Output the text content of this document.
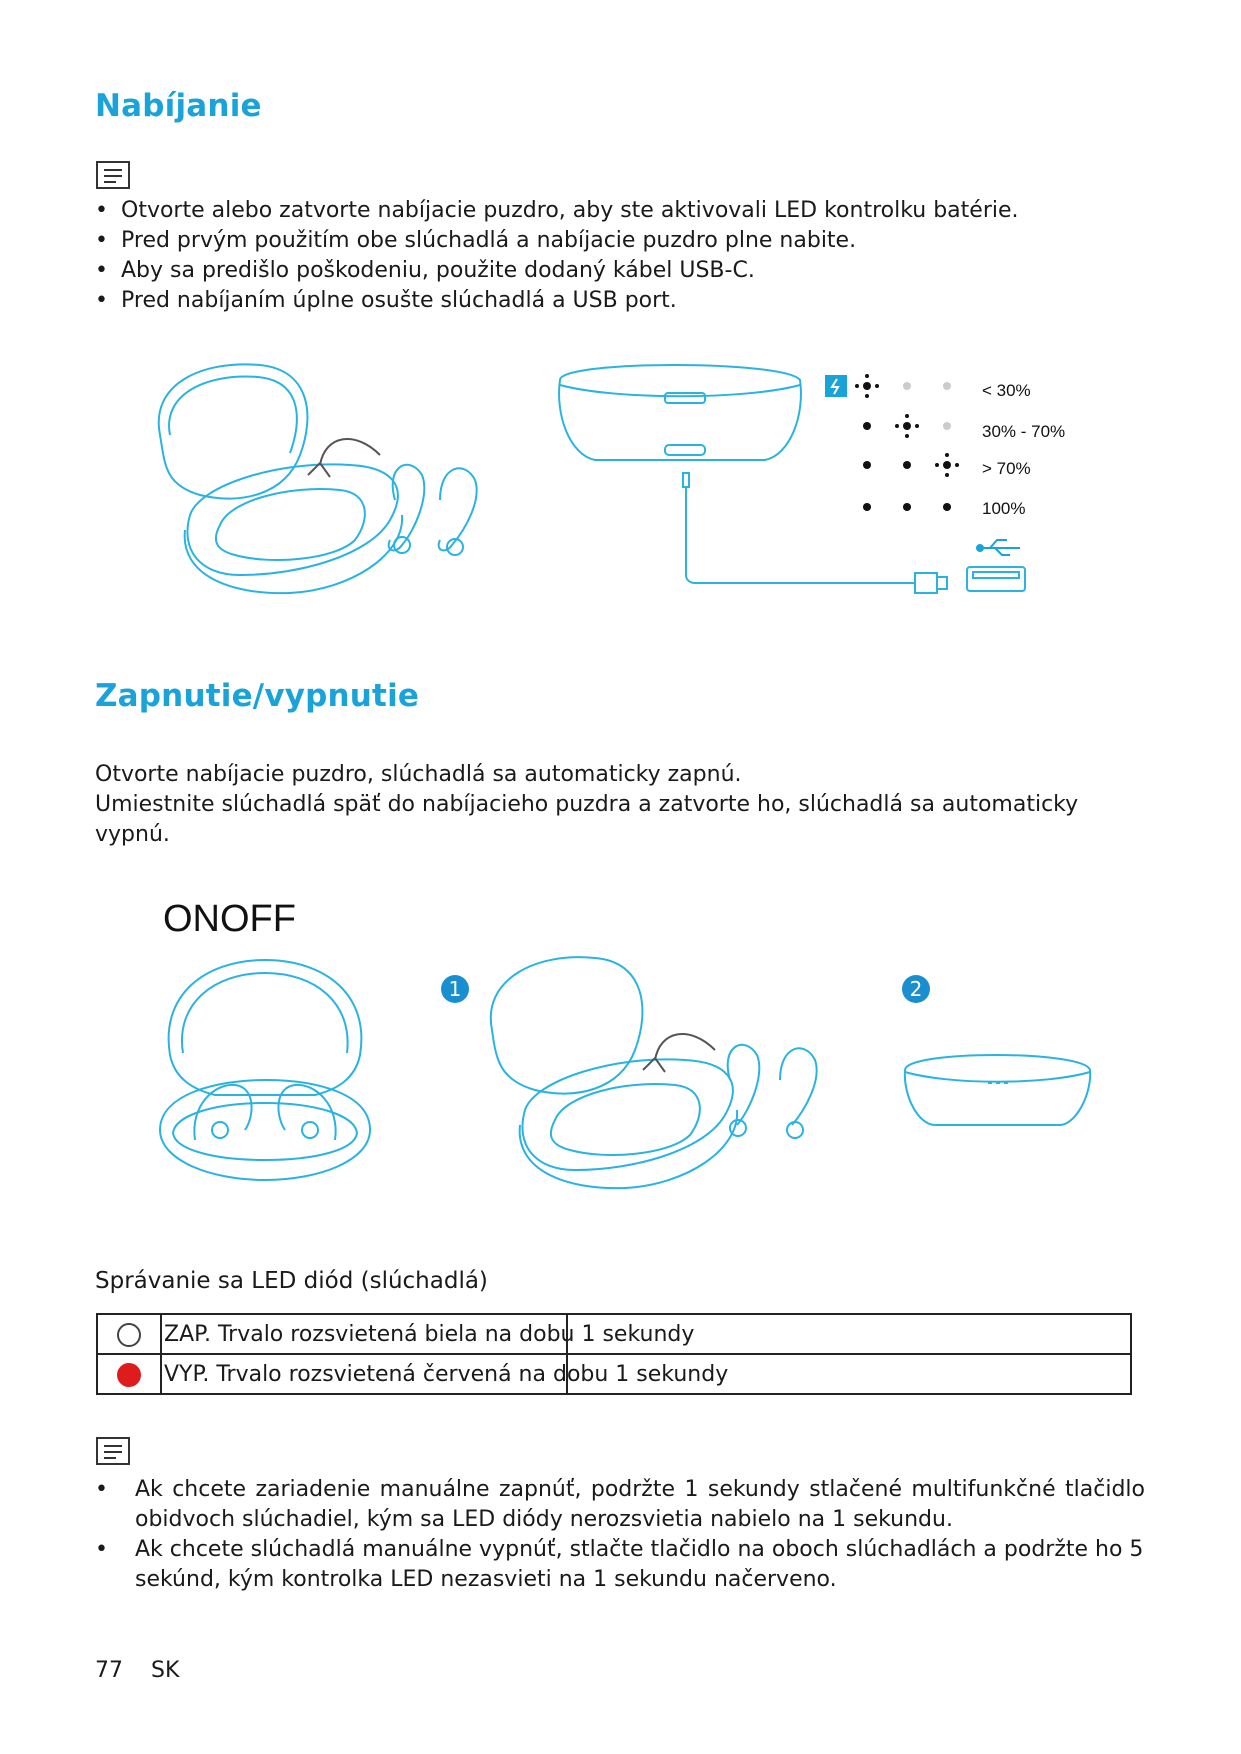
Nabíjanie
• Otvorte alebo zatvorte nabíjacie puzdro, aby ste aktivovali LED kontrolku batérie.
• Pred prvým použitím obe slúchadlá a nabíjacie puzdro plne nabite.
• Aby sa predišlo poškodeniu, použite dodaný kábel USB-C.
• Pred nabíjaním úplne osušte slúchadlá a USB port.
< 30%
30% - 70%
> 70%
100%
Zapnutie/vypnutie
Otvorte nabíjacie puzdro, slúchadlá sa automaticky zapnú.
Umiestnite slúchadlá späť do nabíjacieho puzdra a zatvorte ho, slúchadlá sa automaticky vypnú.
ONOFF
1	2
Správanie sa LED diód (slúchadlá)
	ZAP. Trvalo rozsvietená biela na dobu 1 sekundy

	VYP. Trvalo rozsvietená červená na dobu 1 sekundy
• Ak chcete zariadenie manuálne zapnúť, podržte 1 sekundy stlačené multifunkčné tlačidlo obidvoch slúchadiel, kým sa LED diódy nerozsvietia nabielo na 1 sekundu.
• Ak chcete slúchadlá manuálne vypnúť, stlačte tlačidlo na oboch slúchadlách a podržte ho 5 sekúnd, kým kontrolka LED nezasvieti na 1 sekundu načerveno.
77 SK
